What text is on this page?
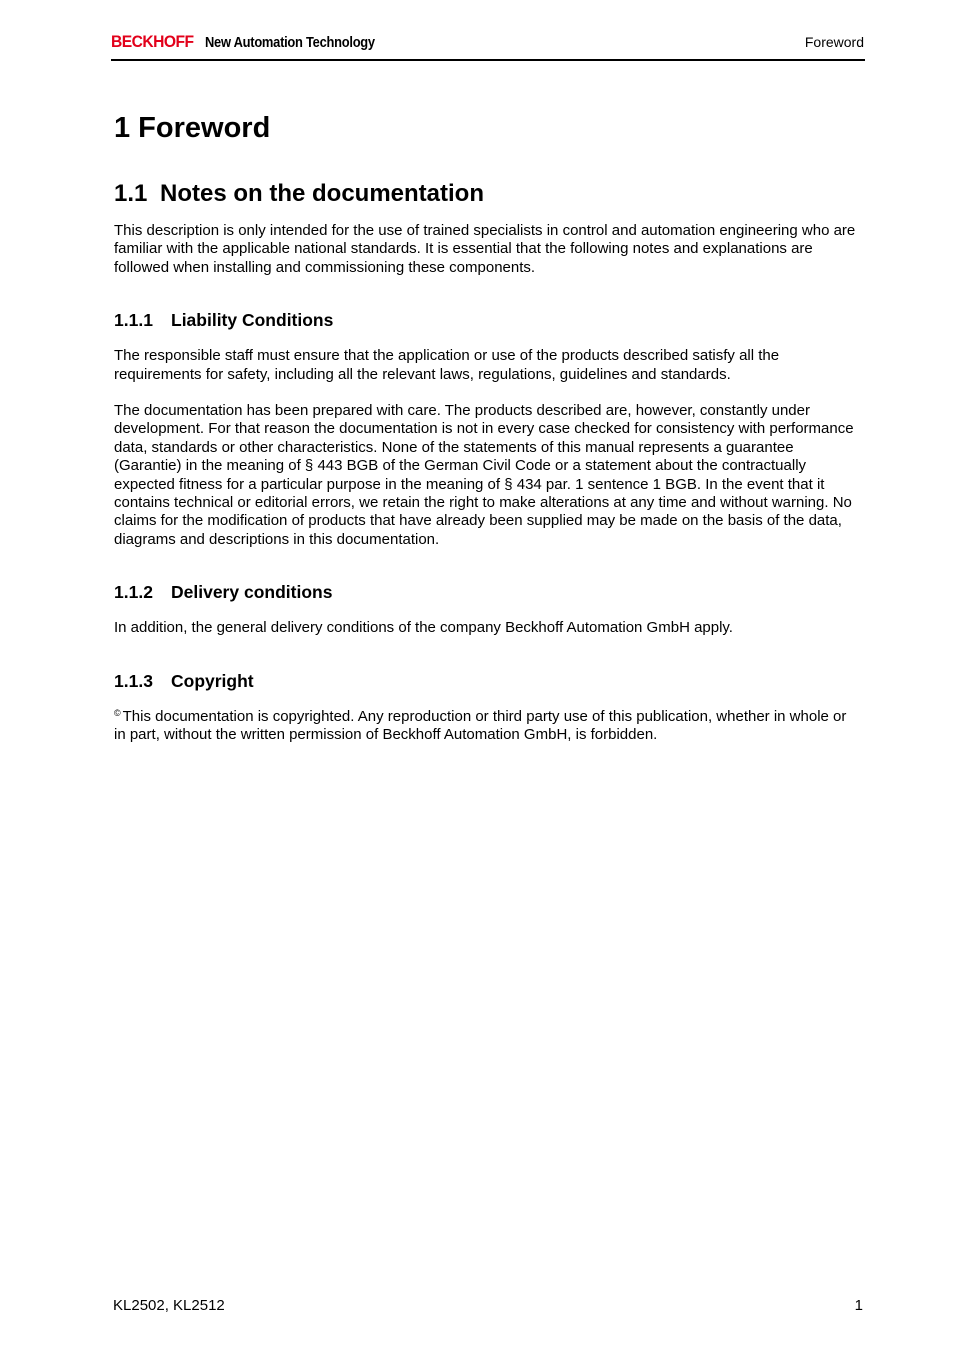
BECKHOFF New Automation Technology	Foreword
1 Foreword
1.1 Notes on the documentation

This description is only intended for the use of trained specialists in control and automation engineering who are familiar with the applicable national standards. It is essential that the following notes and explanations are followed when installing and commissioning these components.

1.1.1 Liability Conditions

The responsible staff must ensure that the application or use of the products described satisfy all the requirements for safety, including all the relevant laws, regulations, guidelines and standards.

The documentation has been prepared with care. The products described are, however, constantly under development. For that reason the documentation is not in every case checked for consistency with performance data, standards or other characteristics. None of the statements of this manual represents a guarantee (Garantie) in the meaning of § 443 BGB of the German Civil Code or a statement about the contractually expected fitness for a particular purpose in the meaning of § 434 par. 1 sentence 1 BGB. In the event that it contains technical or editorial errors, we retain the right to make alterations at any time and without warning. No claims for the modification of products that have already been supplied may be made on the basis of the data, diagrams and descriptions in this documentation.

1.1.2 Delivery conditions

In addition, the general delivery conditions of the company Beckhoff Automation GmbH apply.

1.1.3 Copyright

© This documentation is copyrighted. Any reproduction or third party use of this publication, whether in whole or in part, without the written permission of Beckhoff Automation GmbH, is forbidden.

KL2502, KL2512	1
